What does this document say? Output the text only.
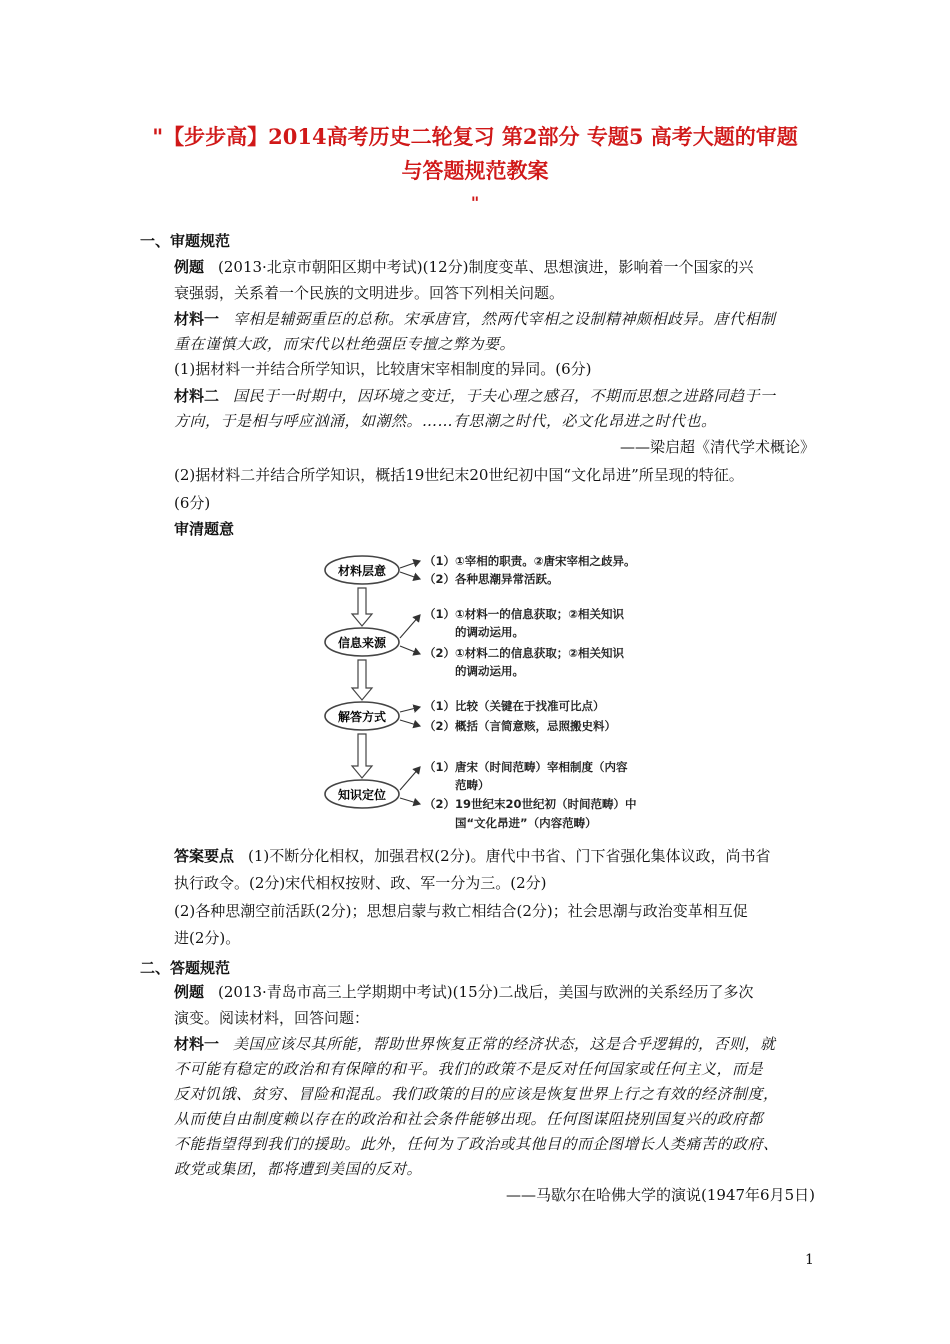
"【步步高】2014高考历史二轮复习 第2部分 专题5 高考大题的审题
与答题规范教案
"
一、审题规范
例题 (2013·北京市朝阳区期中考试)(12分)制度变革、思想演进，影响着一个国家的兴
衰强弱，关系着一个民族的文明进步。回答下列相关问题。
材料一 宰相是辅弼重臣的总称。宋承唐官，然两代宰相之设制精神颇相歧异。唐代相制
重在谨慎大政，而宋代以杜绝强臣专擅之弊为要。
(1)据材料一并结合所学知识，比较唐宋宰相制度的异同。(6分)
材料二 国民于一时期中，因环境之变迁，于夫心理之感召，不期而思想之进路同趋于一
方向，于是相与呼应汹涌，如潮然。……有思潮之时代，必文化昂进之时代也。
——梁启超《清代学术概论》
(2)据材料二并结合所学知识，概括19世纪末20世纪初中国“文化昂进”所呈现的特征。
(6分)
审清题意
材料层意
信息来源
解答方式
知识定位
（1）①宰相的职责。②唐宋宰相之歧异。
（2）各种思潮异常活跃。
（1）①材料一的信息获取；②相关知识
的调动运用。
（2）①材料二的信息获取；②相关知识
的调动运用。
（1）比较（关键在于找准可比点）
（2）概括（言简意赅，忌照搬史料）
（1）唐宋（时间范畴）宰相制度（内容
范畴）
（2）19世纪末20世纪初（时间范畴）中
国“文化昂进”（内容范畴）
答案要点 (1)不断分化相权，加强君权(2分)。唐代中书省、门下省强化集体议政，尚书省
执行政令。(2分)宋代相权按财、政、军一分为三。(2分)
(2)各种思潮空前活跃(2分)；思想启蒙与救亡相结合(2分)；社会思潮与政治变革相互促
进(2分)。
二、答题规范
例题 (2013·青岛市高三上学期期中考试)(15分)二战后，美国与欧洲的关系经历了多次
演变。阅读材料，回答问题：
材料一 美国应该尽其所能，帮助世界恢复正常的经济状态，这是合乎逻辑的，否则，就
不可能有稳定的政治和有保障的和平。我们的政策不是反对任何国家或任何主义，而是
反对饥饿、贫穷、冒险和混乱。我们政策的目的应该是恢复世界上行之有效的经济制度，
从而使自由制度赖以存在的政治和社会条件能够出现。任何图谋阻挠别国复兴的政府都
不能指望得到我们的援助。此外，任何为了政治或其他目的而企图增长人类痛苦的政府、
政党或集团，都将遭到美国的反对。
——马歇尔在哈佛大学的演说(1947年6月5日)
1
